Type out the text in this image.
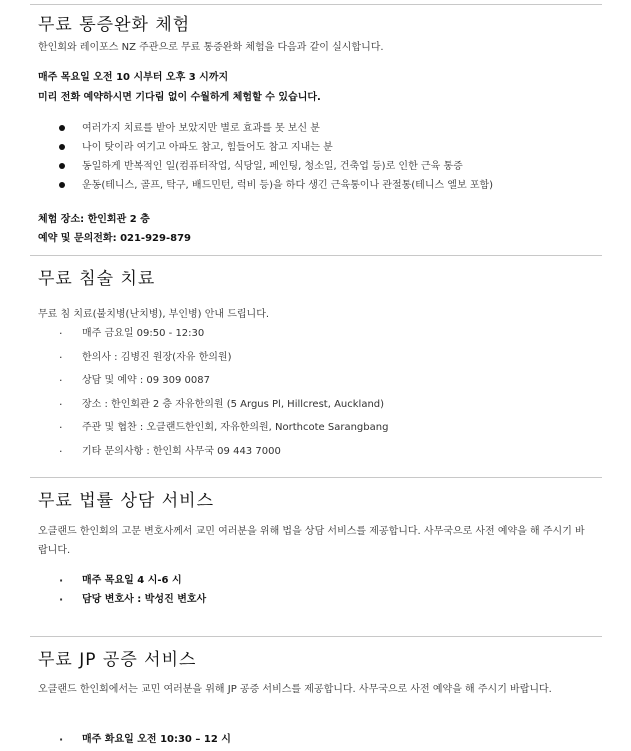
무료 통증완화 체험
한인회와 레이포스 NZ 주관으로 무료 통증완화 체험을 다음과 같이 실시합니다.
매주 목요일 오전 10 시부터 오후 3 시까지
미리 전화 예약하시면 기다림 없이 수월하게 체험할 수 있습니다.
여러가지 치료를 받아 보았지만 별로 효과를 못 보신 분
나이 탓이라 여기고 아파도 참고, 힘들어도 참고 지내는 분
동일하게 반복적인 일(컴퓨터작업, 식당일, 페인팅, 청소일, 건축업 등)로 인한 근육 통증
운동(테니스, 골프, 탁구, 배드민턴, 럭비 등)을 하다 생긴 근육통이나 관절통(테니스 엘보 포함)
체험 장소: 한인회관 2 층
예약 및 문의전화: 021-929-879
무료 침술 치료
무료 침 치료(불치병(난치병), 부인병) 안내 드립니다.
· 매주 금요일 09:50 - 12:30
· 한의사 : 김병진 원장(자유 한의원)
· 상담 및 예약 : 09 309 0087
· 장소 : 한인회관 2 층 자유한의원 (5 Argus Pl, Hillcrest, Auckland)
· 주관 및 협찬 : 오클랜드한인회, 자유한의원, Northcote Sarangbang
· 기타 문의사항 : 한인회 사무국 09 443 7000
무료 법률 상담 서비스
오클랜드 한인회의 고문 변호사께서 교민 여러분을 위해 법을 상담 서비스를 제공합니다. 사무국으로 사전 예약을 해 주시기 바랍니다.
· 매주 목요일 4 시-6 시
· 담당 변호사 : 박성진 변호사
무료 JP 공증 서비스
오클랜드 한인회에서는 교민 여러분을 위해 JP 공증 서비스를 제공합니다. 사무국으로 사전 예약을 해 주시기 바랍니다.
· 매주 화요일 오전 10:30 – 12 시
